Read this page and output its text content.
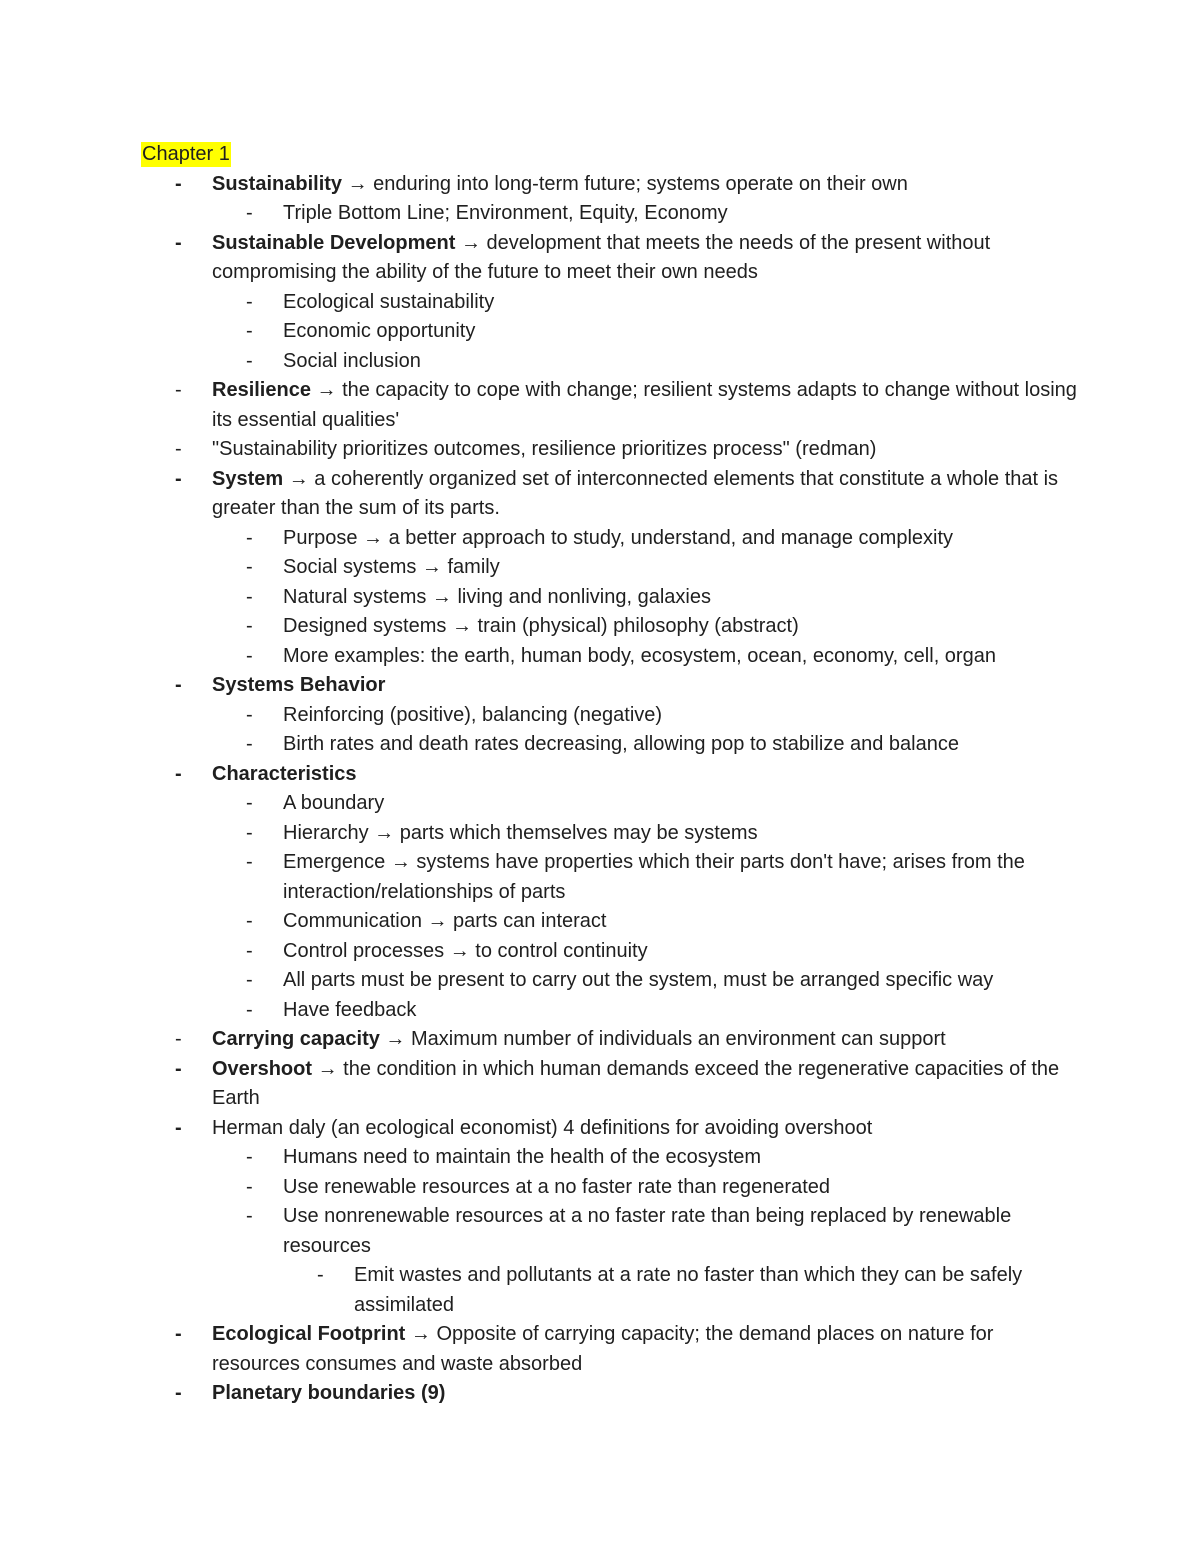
Chapter 1
-	Sustainability → enduring into long-term future; systems operate on their own
-	Triple Bottom Line; Environment, Equity, Economy
-	Sustainable Development → development that meets the needs of the present without compromising the ability of the future to meet their own needs
-	Ecological sustainability
-	Economic opportunity
-	Social inclusion
-	Resilience → the capacity to cope with change; resilient systems adapts to change without losing its essential qualities'
-	"Sustainability prioritizes outcomes, resilience prioritizes process" (redman)
-	System → a coherently organized set of interconnected elements that constitute a whole that is greater than the sum of its parts.
-	Purpose → a better approach to study, understand, and manage complexity
-	Social systems → family
-	Natural systems → living and nonliving, galaxies
-	Designed systems → train (physical) philosophy (abstract)
-	More examples: the earth, human body, ecosystem, ocean, economy, cell, organ
-	Systems Behavior
-	Reinforcing (positive), balancing (negative)
-	Birth rates and death rates decreasing, allowing pop to stabilize and balance
-	Characteristics
-	A boundary
-	Hierarchy → parts which themselves may be systems
-	Emergence → systems have properties which their parts don't have; arises from the interaction/relationships of parts
-	Communication → parts can interact
-	Control processes → to control continuity
-	All parts must be present to carry out the system, must be arranged specific way
-	Have feedback
-	Carrying capacity → Maximum number of individuals an environment can support
-	Overshoot → the condition in which human demands exceed the regenerative capacities of the Earth
-	Herman daly (an ecological economist) 4 definitions for avoiding overshoot
-	Humans need to maintain the health of the ecosystem
-	Use renewable resources at a no faster rate than regenerated
-	Use nonrenewable resources at a no faster rate than being replaced by renewable resources
-	Emit wastes and pollutants at a rate no faster than which they can be safely assimilated
-	Ecological Footprint → Opposite of carrying capacity; the demand places on nature for resources consumes and waste absorbed
-	Planetary boundaries (9)
